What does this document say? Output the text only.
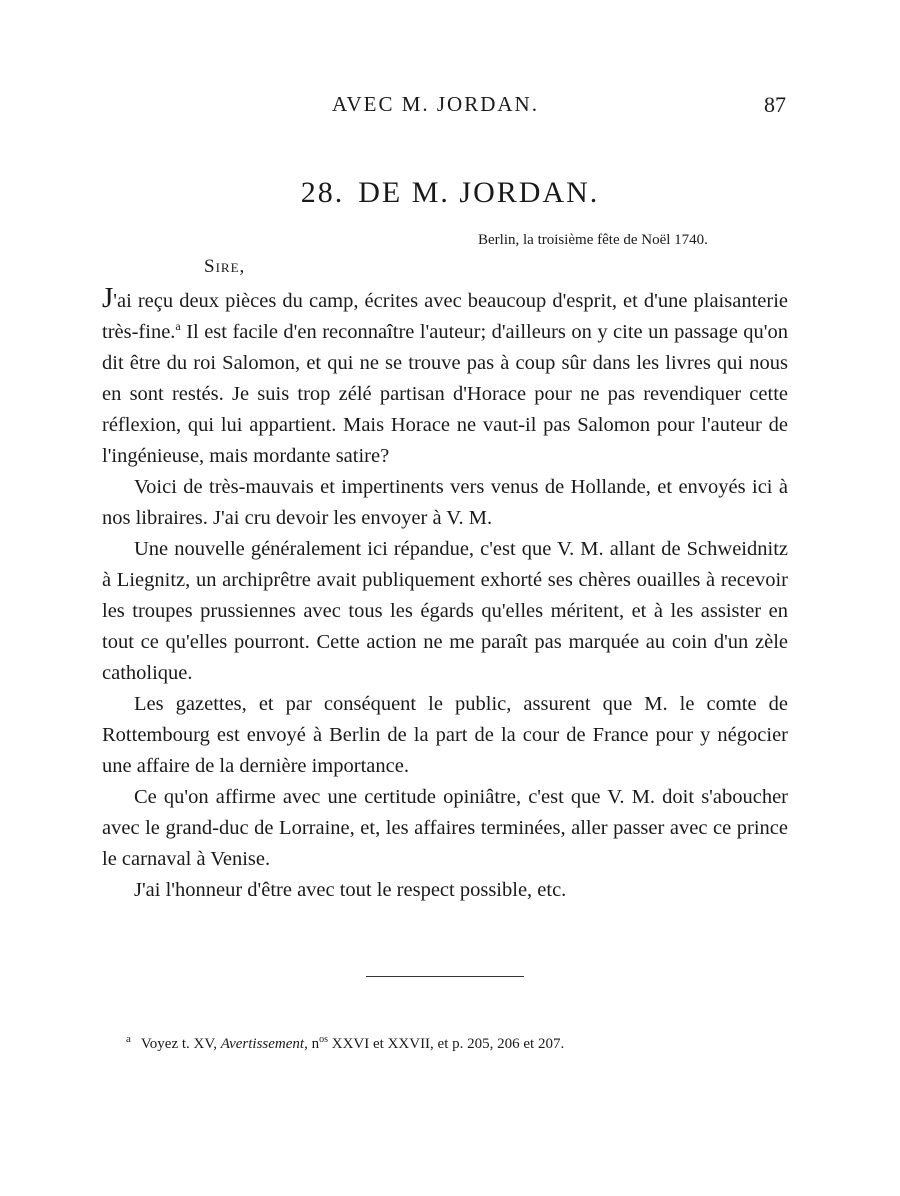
AVEC M. JORDAN.	87
28. DE M. JORDAN.
Berlin, la troisième fête de Noël 1740.
Sire,

J'ai reçu deux pièces du camp, écrites avec beaucoup d'esprit, et d'une plaisanterie très-fine.$^a$ Il est facile d'en reconnaître l'auteur; d'ailleurs on y cite un passage qu'on dit être du roi Salomon, et qui ne se trouve pas à coup sûr dans les livres qui nous en sont restés. Je suis trop zélé partisan d'Horace pour ne pas revendiquer cette réflexion, qui lui appartient. Mais Horace ne vaut-il pas Salomon pour l'auteur de l'ingénieuse, mais mordante satire?

Voici de très-mauvais et impertinents vers venus de Hollande, et envoyés ici à nos libraires. J'ai cru devoir les envoyer à V. M.

Une nouvelle généralement ici répandue, c'est que V. M. allant de Schweidnitz à Liegnitz, un archiprêtre avait publiquement exhorté ses chères ouailles à recevoir les troupes prussiennes avec tous les égards qu'elles méritent, et à les assister en tout ce qu'elles pourront. Cette action ne me paraît pas marquée au coin d'un zèle catholique.

Les gazettes, et par conséquent le public, assurent que M. le comte de Rottembourg est envoyé à Berlin de la part de la cour de France pour y négocier une affaire de la dernière importance.

Ce qu'on affirme avec une certitude opiniâtre, c'est que V. M. doit s'aboucher avec le grand-duc de Lorraine, et, les affaires terminées, aller passer avec ce prince le carnaval à Venise.

J'ai l'honneur d'être avec tout le respect possible, etc.

$^a$ Voyez t. XV, Avertissement, $n^{os}$ XXVI et XXVII, et p. 205, 206 et 207.
